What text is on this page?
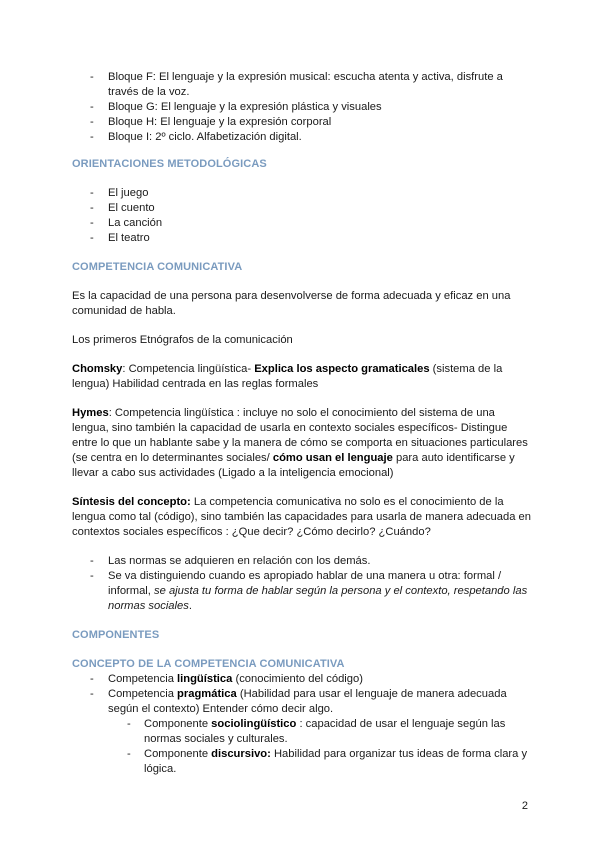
- Bloque F: El lenguaje y la expresión musical: escucha atenta y activa, disfrute a través de la voz.
- Bloque G: El lenguaje y la expresión plástica y visuales
- Bloque H: El lenguaje y la expresión corporal
- Bloque I: 2º ciclo. Alfabetización digital.
ORIENTACIONES METODOLÓGICAS
- El juego
- El cuento
- La canción
- El teatro
COMPETENCIA COMUNICATIVA

Es la capacidad de una persona para desenvolverse de forma adecuada y eficaz en una comunidad de habla.

Los primeros Etnógrafos de la comunicación

Chomsky: Competencia lingüística- Explica los aspecto gramaticales (sistema de la lengua) Habilidad centrada en las reglas formales

Hymes: Competencia lingüística : incluye no solo el conocimiento del sistema de una lengua, sino también la capacidad de usarla en contexto sociales específicos- Distingue entre lo que un hablante sabe y la manera de cómo se comporta en situaciones particulares (se centra en lo determinantes sociales/ cómo usan el lenguaje para auto identificarse y llevar a cabo sus actividades (Ligado a la inteligencia emocional)

Síntesis del concepto: La competencia comunicativa no solo es el conocimiento de la lengua como tal (código), sino también las capacidades para usarla de manera adecuada en contextos sociales específicos : ¿Que decir? ¿Cómo decirlo? ¿Cuándo?

- Las normas se adquieren en relación con los demás.
- Se va distinguiendo cuando es apropiado hablar de una manera u otra: formal / informal, se ajusta tu forma de hablar según la persona y el contexto, respetando las normas sociales.
COMPONENTES
CONCEPTO DE LA COMPETENCIA COMUNICATIVA
- Competencia lingüística (conocimiento del código)
- Competencia pragmática (Habilidad para usar el lenguaje de manera adecuada según el contexto) Entender cómo decir algo.
- Componente sociolingüístico : capacidad de usar el lenguaje según las normas sociales y culturales.
- Componente discursivo: Habilidad para organizar tus ideas de forma clara y lógica.
2
